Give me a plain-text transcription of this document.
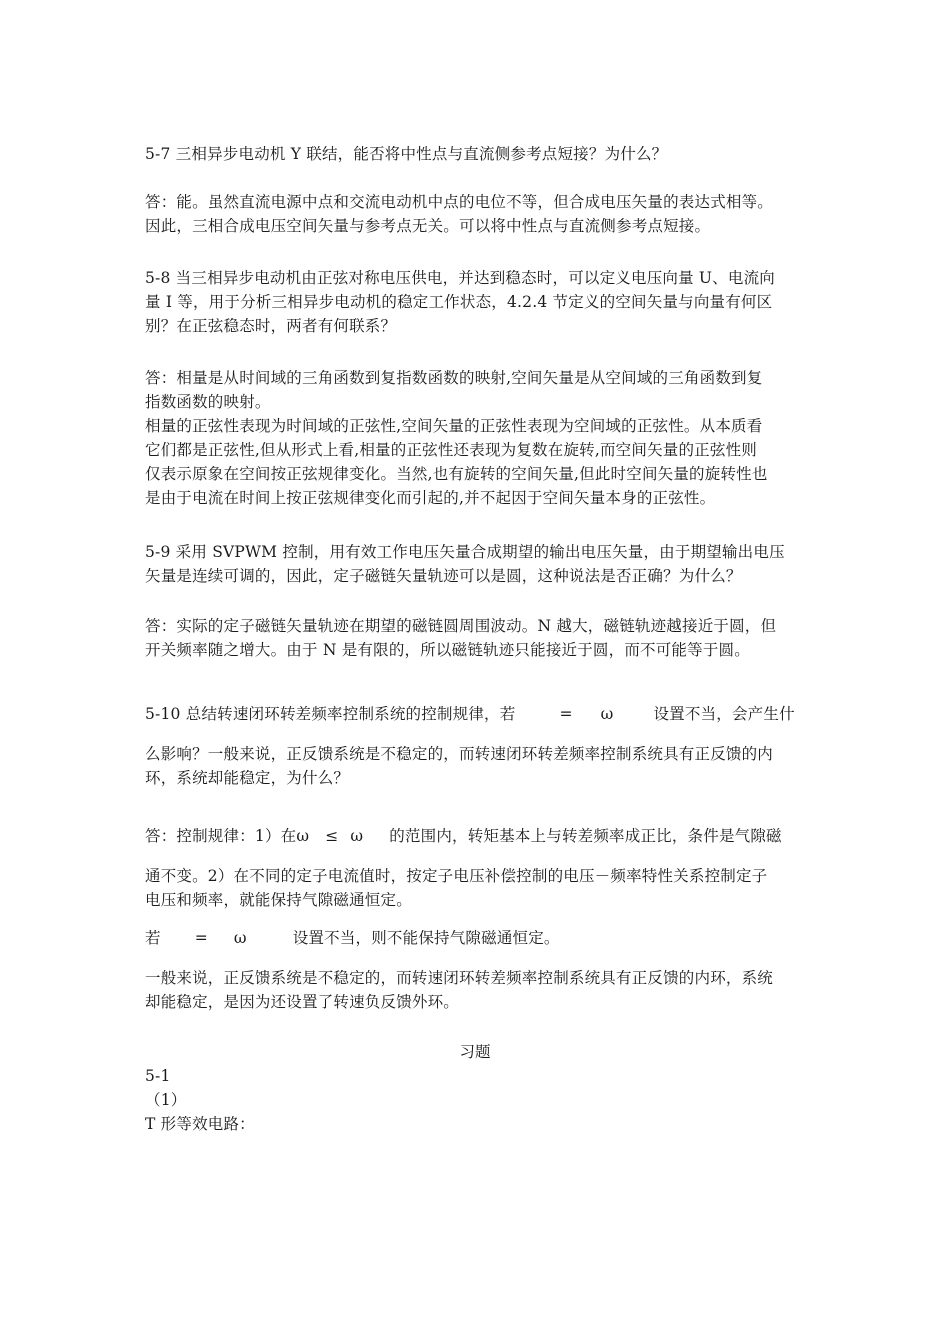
5-7 三相异步电动机 Y 联结，能否将中性点与直流侧参考点短接？为什么？
答：能。虽然直流电源中点和交流电动机中点的电位不等，但合成电压矢量的表达式相等。
因此，三相合成电压空间矢量与参考点无关。可以将中性点与直流侧参考点短接。
5-8 当三相异步电动机由正弦对称电压供电，并达到稳态时，可以定义电压向量 U、电流向
量 I 等，用于分析三相异步电动机的稳定工作状态，4.2.4 节定义的空间矢量与向量有何区
别？在正弦稳态时，两者有何联系？
答：相量是从时间域的三角函数到复指数函数的映射,空间矢量是从空间域的三角函数到复
指数函数的映射。
相量的正弦性表现为时间域的正弦性,空间矢量的正弦性表现为空间域的正弦性。从本质看
它们都是正弦性,但从形式上看,相量的正弦性还表现为复数在旋转,而空间矢量的正弦性则
仅表示原象在空间按正弦规律变化。当然,也有旋转的空间矢量,但此时空间矢量的旋转性也
是由于电流在时间上按正弦规律变化而引起的,并不起因于空间矢量本身的正弦性。
5-9 采用 SVPWM 控制，用有效工作电压矢量合成期望的输出电压矢量，由于期望输出电压
矢量是连续可调的，因此，定子磁链矢量轨迹可以是圆，这种说法是否正确？为什么？
答：实际的定子磁链矢量轨迹在期望的磁链圆周围波动。N 越大，磁链轨迹越接近于圆，但
开关频率随之增大。由于 N 是有限的，所以磁链轨迹只能接近于圆，而不可能等于圆。
5-10 总结转速闭环转差频率控制系统的控制规律，若	= ω	设置不当，会产生什
么影响？一般来说，正反馈系统是不稳定的，而转速闭环转差频率控制系统具有正反馈的内
环，系统却能稳定，为什么？
答：控制规律：1）在ω ≤ ω 的范围内，转矩基本上与转差频率成正比，条件是气隙磁
通不变。2）在不同的定子电流值时，按定子电压补偿控制的电压－频率特性关系控制定子
电压和频率，就能保持气隙磁通恒定。
若 = ω	设置不当，则不能保持气隙磁通恒定。
一般来说，正反馈系统是不稳定的，而转速闭环转差频率控制系统具有正反馈的内环，系统
却能稳定，是因为还设置了转速负反馈外环。
习题
5-1
（1）
T 形等效电路：
